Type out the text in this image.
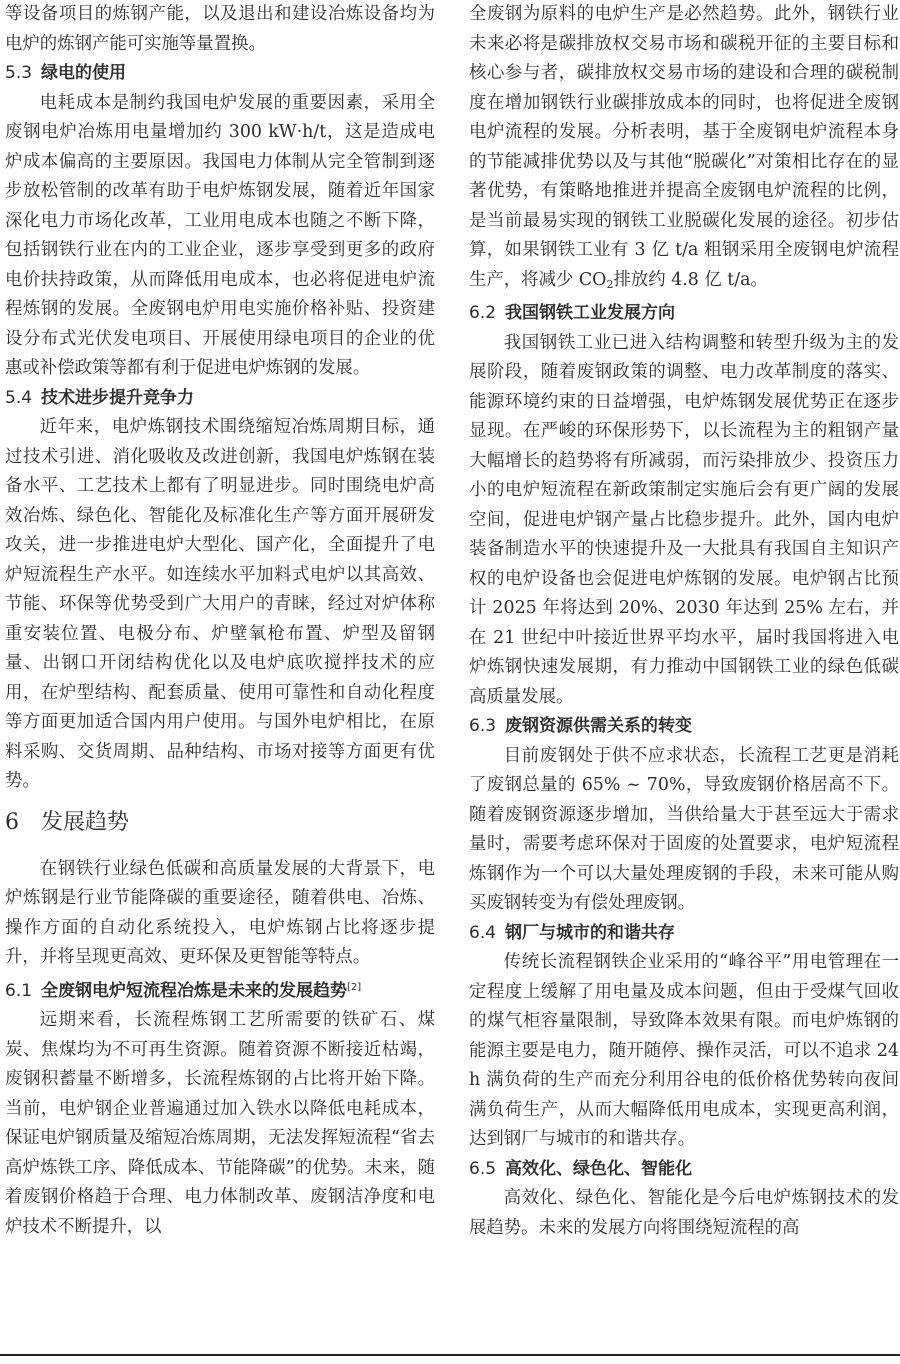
等设备项目的炼钢产能，以及退出和建设冶炼设备均为电炉的炼钢产能可实施等量置换。

5.3 绿电的使用

电耗成本是制约我国电炉发展的重要因素，采用全废钢电炉冶炼用电量增加约 300 kW·h/t，这是造成电炉成本偏高的主要原因。我国电力体制从完全管制到逐步放松管制的改革有助于电炉炼钢发展，随着近年国家深化电力市场化改革，工业用电成本也随之不断下降，包括钢铁行业在内的工业企业，逐步享受到更多的政府电价扶持政策，从而降低用电成本，也必将促进电炉流程炼钢的发展。全废钢电炉用电实施价格补贴、投资建设分布式光伏发电项目、开展使用绿电项目的企业的优惠或补偿政策等都有利于促进电炉炼钢的发展。

5.4 技术进步提升竞争力

近年来，电炉炼钢技术围绕缩短冶炼周期目标，通过技术引进、消化吸收及改进创新，我国电炉炼钢在装备水平、工艺技术上都有了明显进步。同时围绕电炉高效冶炼、绿色化、智能化及标准化生产等方面开展研发攻关，进一步推进电炉大型化、国产化，全面提升了电炉短流程生产水平。如连续水平加料式电炉以其高效、节能、环保等优势受到广大用户的青睐，经过对炉体称重安装位置、电极分布、炉壁氧枪布置、炉型及留钢量、出钢口开闭结构优化以及电炉底吹搅拌技术的应用，在炉型结构、配套质量、使用可靠性和自动化程度等方面更加适合国内用户使用。与国外电炉相比，在原料采购、交货周期、品种结构、市场对接等方面更有优势。

6 发展趋势

在钢铁行业绿色低碳和高质量发展的大背景下，电炉炼钢是行业节能降碳的重要途径，随着供电、冶炼、操作方面的自动化系统投入，电炉炼钢占比将逐步提升，并将呈现更高效、更环保及更智能等特点。

6.1 全废钢电炉短流程冶炼是未来的发展趋势[2]

远期来看，长流程炼钢工艺所需要的铁矿石、煤炭、焦煤均为不可再生资源。随着资源不断接近枯竭，废钢积蓄量不断增多，长流程炼钢的占比将开始下降。当前，电炉钢企业普遍通过加入铁水以降低电耗成本，保证电炉钢质量及缩短冶炼周期，无法发挥短流程“省去高炉炼铁工序、降低成本、节能降碳”的优势。未来，随着废钢价格趋于合理、电力体制改革、废钢洁净度和电炉技术不断提升，以

全废钢为原料的电炉生产是必然趋势。此外，钢铁行业未来必将是碳排放权交易市场和碳税开征的主要目标和核心参与者，碳排放权交易市场的建设和合理的碳税制度在增加钢铁行业碳排放成本的同时，也将促进全废钢电炉流程的发展。分析表明，基于全废钢电炉流程本身的节能减排优势以及与其他“脱碳化”对策相比存在的显著优势，有策略地推进并提高全废钢电炉流程的比例，是当前最易实现的钢铁工业脱碳化发展的途径。初步估算，如果钢铁工业有 3 亿 t/a 粗钢采用全废钢电炉流程生产，将减少 $CO_2$排放约 4.8 亿 t/a。

6.2 我国钢铁工业发展方向

我国钢铁工业已进入结构调整和转型升级为主的发展阶段，随着废钢政策的调整、电力改革制度的落实、能源环境约束的日益增强，电炉炼钢发展优势正在逐步显现。在严峻的环保形势下，以长流程为主的粗钢产量大幅增长的趋势将有所减弱，而污染排放少、投资压力小的电炉短流程在新政策制定实施后会有更广阔的发展空间，促进电炉钢产量占比稳步提升。此外，国内电炉装备制造水平的快速提升及一大批具有我国自主知识产权的电炉设备也会促进电炉炼钢的发展。电炉钢占比预计 2025 年将达到 20%、2030 年达到 25% 左右，并在 21 世纪中叶接近世界平均水平，届时我国将进入电炉炼钢快速发展期，有力推动中国钢铁工业的绿色低碳高质量发展。

6.3 废钢资源供需关系的转变

目前废钢处于供不应求状态，长流程工艺更是消耗了废钢总量的 65% ~ 70%，导致废钢价格居高不下。随着废钢资源逐步增加，当供给量大于甚至远大于需求量时，需要考虑环保对于固废的处置要求，电炉短流程炼钢作为一个可以大量处理废钢的手段，未来可能从购买废钢转变为有偿处理废钢。

6.4 钢厂与城市的和谐共存

传统长流程钢铁企业采用的“峰谷平”用电管理在一定程度上缓解了用电量及成本问题，但由于受煤气回收的煤气柜容量限制，导致降本效果有限。而电炉炼钢的能源主要是电力，随开随停、操作灵活，可以不追求 24 h 满负荷的生产而充分利用谷电的低价格优势转向夜间满负荷生产，从而大幅降低用电成本，实现更高利润，达到钢厂与城市的和谐共存。

6.5 高效化、绿色化、智能化

高效化、绿色化、智能化是今后电炉炼钢技术的发展趋势。未来的发展方向将围绕短流程的高
